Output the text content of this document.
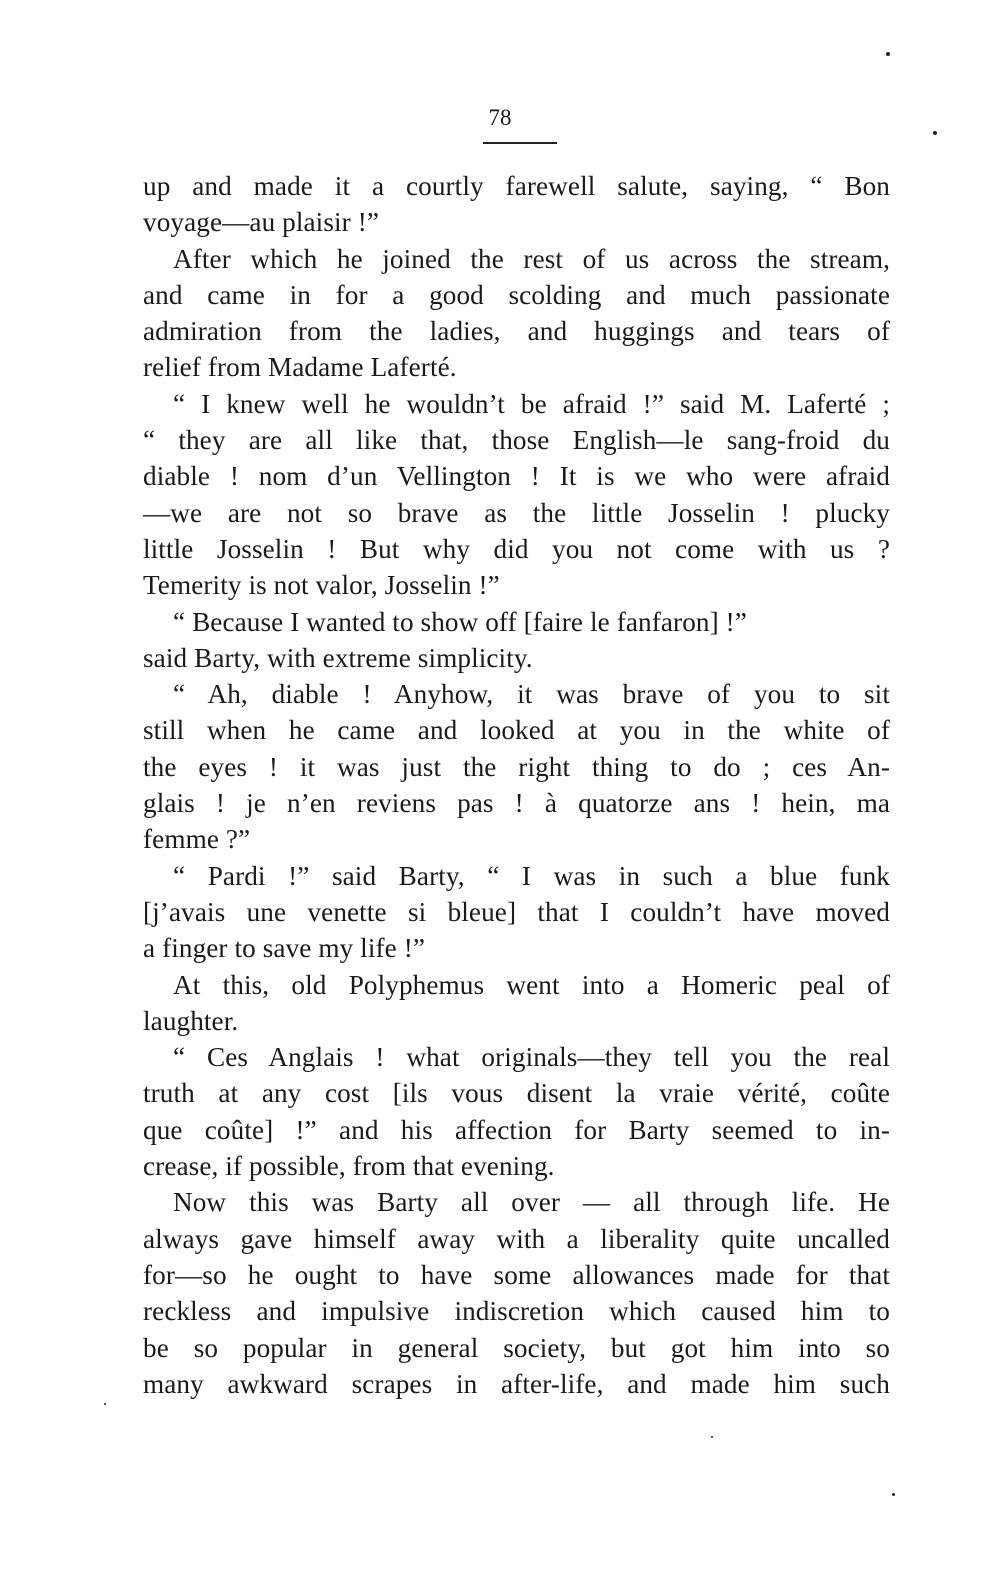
78
up and made it a courtly farewell salute, saying, “ Bon
voyage—au plaisir !”
After which he joined the rest of us across the stream,
and came in for a good scolding and much passionate
admiration from the ladies, and huggings and tears of
relief from Madame Laferté.
“ I knew well he wouldn’t be afraid !” said M. Laferté ;
“ they are all like that, those English—le sang-froid du
diable ! nom d’un Vellington ! It is we who were afraid
—we are not so brave as the little Josselin ! plucky
little Josselin ! But why did you not come with us ?
Temerity is not valor, Josselin !”
“ Because I wanted to show off [faire le fanfaron] !”
said Barty, with extreme simplicity.
“ Ah, diable ! Anyhow, it was brave of you to sit
still when he came and looked at you in the white of
the eyes ! it was just the right thing to do ; ces An-
glais ! je n’en reviens pas ! à quatorze ans ! hein, ma
femme ?”
“ Pardi !” said Barty, “ I was in such a blue funk
[j’avais une venette si bleue] that I couldn’t have moved
a finger to save my life !”
At this, old Polyphemus went into a Homeric peal of
laughter.
“ Ces Anglais ! what originals—they tell you the real
truth at any cost [ils vous disent la vraie vérité, coûte
que coûte] !” and his affection for Barty seemed to in-
crease, if possible, from that evening.
Now this was Barty all over — all through life. He
always gave himself away with a liberality quite uncalled
for—so he ought to have some allowances made for that
reckless and impulsive indiscretion which caused him to
be so popular in general society, but got him into so
many awkward scrapes in after-life, and made him such
